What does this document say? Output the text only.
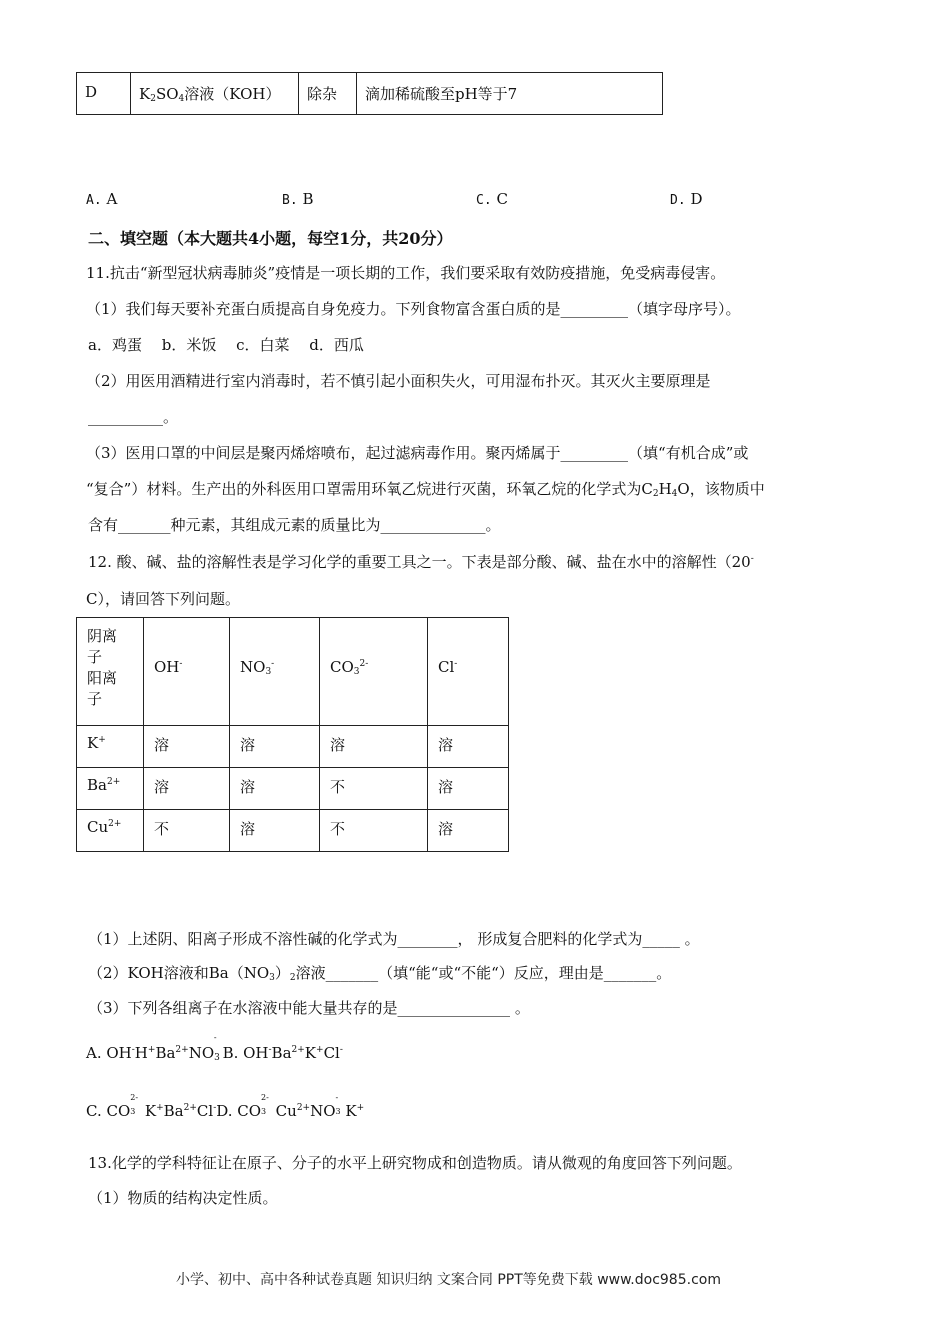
D	$K_2SO_4$溶液（KOH）	除杂	滴加稀硫酸至pH等于7
A. A	B. B	C. C	D. D
二、填空题（本大题共4小题，每空1分，共20分）
11.抗击“新型冠状病毒肺炎”疫情是一项长期的工作，我们要采取有效防疫措施，免受病毒侵害。
（1）我们每天要补充蛋白质提高自身免疫力。下列食物富含蛋白质的是_________（填字母序号）。
a．鸡蛋　 b．米饭　 c．白菜　 d．西瓜
（2）用医用酒精进行室内消毒时，若不慎引起小面积失火，可用湿布扑灭。其灭火主要原理是
__________。
（3）医用口罩的中间层是聚丙烯熔喷布，起过滤病毒作用。聚丙烯属于_________（填“有机合成”或
“复合”）材料。生产出的外科医用口罩需用环氧乙烷进行灭菌，环氧乙烷的化学式为$C_2H_4O$，该物质中
含有_______种元素，其组成元素的质量比为______________。
12. 酸、碱、盐的溶解性表是学习化学的重要工具之一。下表是部分酸、碱、盐在水中的溶解性（20-
C），请回答下列问题。
阴离子
阳离子	OH-	$NO_3^-$	$CO_3^{2-}$	Cl-
K+	溶	溶	溶	溶
$Ba^{2+}$	溶	溶	不	溶
$Cu^{2+}$	不	溶	不	溶
（1）上述阴、阳离子形成不溶性碱的化学式为________， 形成复合肥料的化学式为_____ 。
（2）KOH溶液和$Ba(NO_3)_2$溶液_______（填“能“或“不能“）反应，理由是_______。
（3）下列各组离子在水溶液中能大量共存的是_______________ 。
A. $OH^-H^+Ba^{2+}NO_3^-B$. $OH^-Ba^{2+}K^+Cl^-$
C. CO
2-
3  $K^+Ba^{2+}Cl^-D$. CO
2-
3  $Cu^{2+}NO$
-
3 K+
13.化学的学科特征让在原子、分子的水平上研究物成和创造物质。请从微观的角度回答下列问题。
（1）物质的结构决定性质。
小学、初中、高中各种试卷真题 知识归纳 文案合同 PPT等免费下载 www.doc985.com
